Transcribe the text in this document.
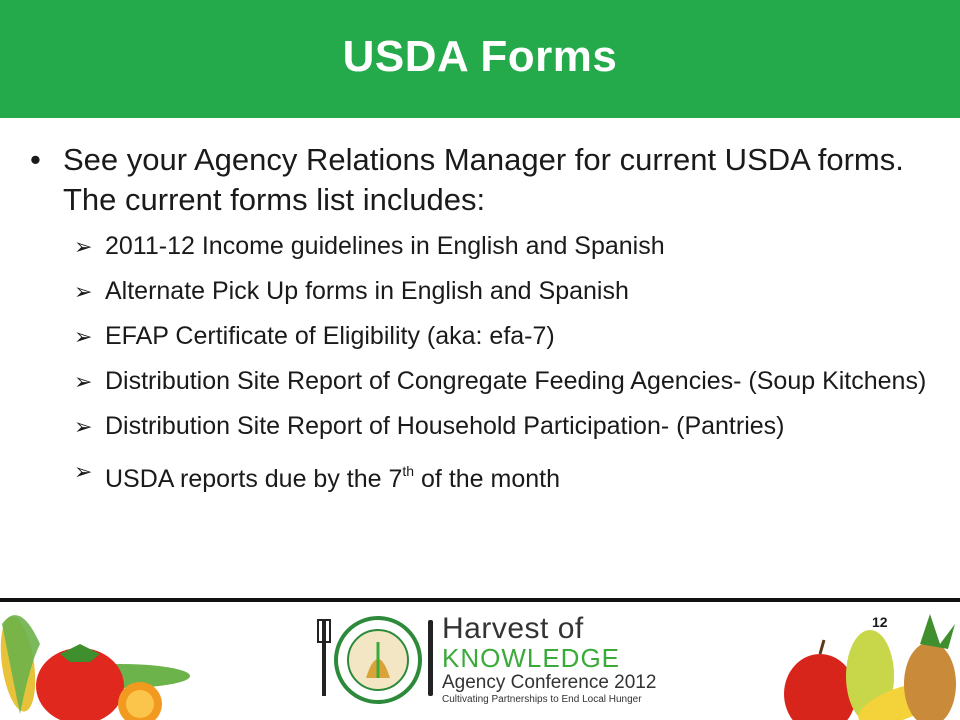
USDA Forms
• See your Agency Relations Manager for current USDA forms. The current forms list includes:
➢ 2011-12 Income guidelines in English and Spanish
➢ Alternate Pick Up forms in English and Spanish
➢ EFAP Certificate of Eligibility (aka: efa-7)
➢ Distribution Site Report of Congregate Feeding Agencies- (Soup Kitchens)
➢ Distribution Site Report of Household Participation- (Pantries)
➢ USDA reports due by the 7th of the month
12
Harvest of
KNOWLEDGE
Agency Conference 2012
Cultivating Partnerships to End Local Hunger
